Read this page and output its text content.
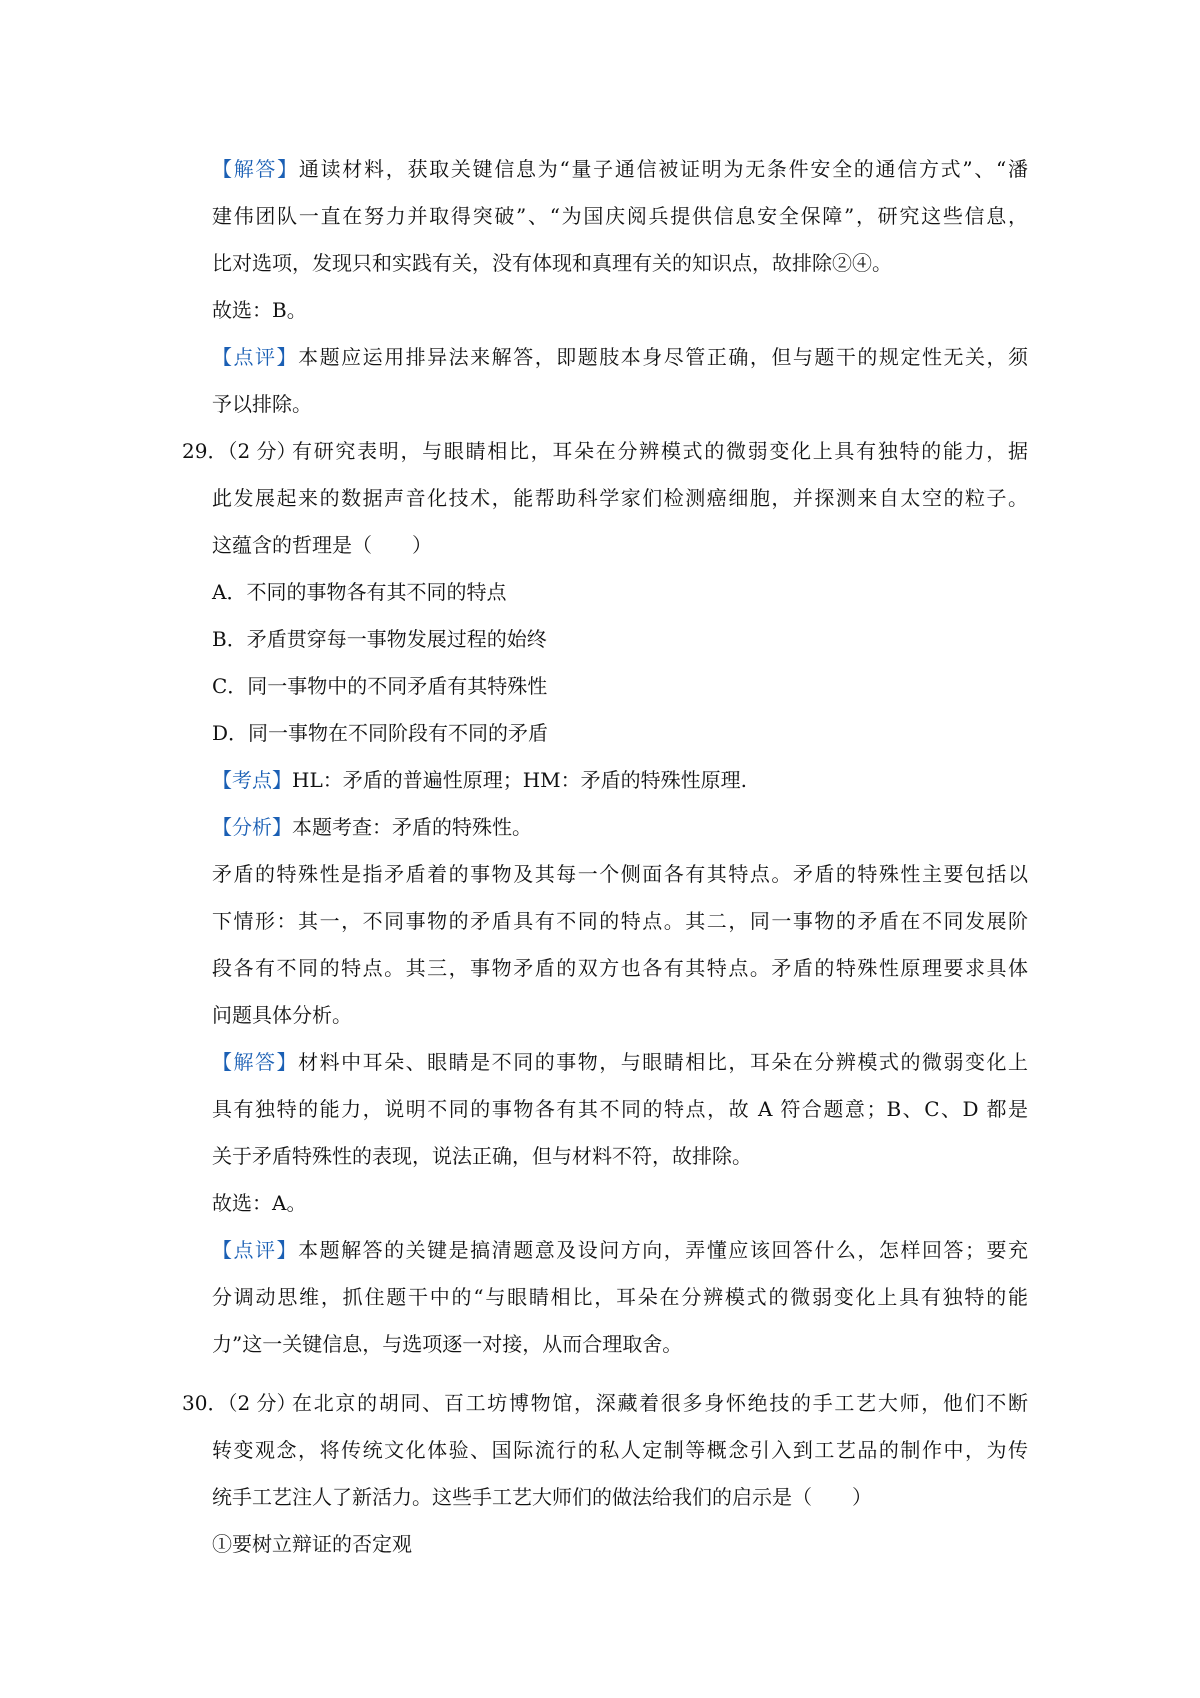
【解答】通读材料，获取关键信息为“量子通信被证明为无条件安全的通信方式”、“潘
建伟团队一直在努力并取得突破”、“为国庆阅兵提供信息安全保障”，研究这些信息，
比对选项，发现只和实践有关，没有体现和真理有关的知识点，故排除②④。
故选：B。
【点评】本题应运用排异法来解答，即题肢本身尽管正确，但与题干的规定性无关，须
予以排除。
29．（2 分）
有研究表明，与眼睛相比，耳朵在分辨模式的微弱变化上具有独特的能力，据
此发展起来的数据声音化技术，能帮助科学家们检测癌细胞，并探测来自太空的粒子。
这蕴含的哲理是（　　）
A．不同的事物各有其不同的特点
B．矛盾贯穿每一事物发展过程的始终
C．同一事物中的不同矛盾有其特殊性
D．同一事物在不同阶段有不同的矛盾
【考点】HL：矛盾的普遍性原理；HM：矛盾的特殊性原理.
【分析】本题考查：矛盾的特殊性。
矛盾的特殊性是指矛盾着的事物及其每一个侧面各有其特点。矛盾的特殊性主要包括以
下情形：其一，不同事物的矛盾具有不同的特点。其二，同一事物的矛盾在不同发展阶
段各有不同的特点。其三，事物矛盾的双方也各有其特点。矛盾的特殊性原理要求具体
问题具体分析。
【解答】材料中耳朵、眼睛是不同的事物，与眼睛相比，耳朵在分辨模式的微弱变化上
具有独特的能力，说明不同的事物各有其不同的特点，故 A 符合题意；B、C、D 都是
关于矛盾特殊性的表现，说法正确，但与材料不符，故排除。
故选：A。
【点评】本题解答的关键是搞清题意及设问方向，弄懂应该回答什么，怎样回答；要充
分调动思维，抓住题干中的“与眼睛相比，耳朵在分辨模式的微弱变化上具有独特的能
力”这一关键信息，与选项逐一对接，从而合理取舍。
30．（2 分）
在北京的胡同、百工坊博物馆，深藏着很多身怀绝技的手工艺大师，他们不断
转变观念，将传统文化体验、国际流行的私人定制等概念引入到工艺品的制作中，为传
统手工艺注人了新活力。这些手工艺大师们的做法给我们的启示是（　　）
①要树立辩证的否定观
